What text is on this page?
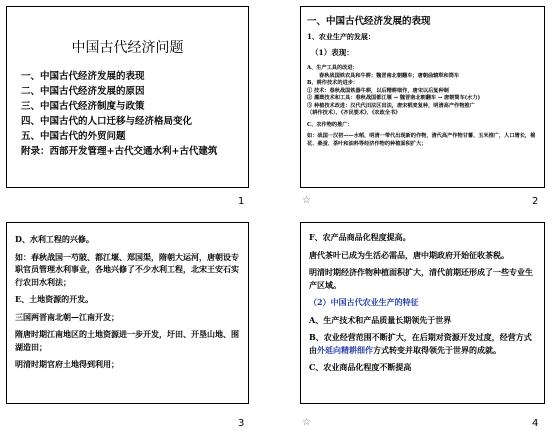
中国古代经济问题
一、中国古代经济发展的表现
二、中国古代经济发展的原因
三、中国古代经济制度与政策
四、中国古代的人口迁移与经济格局变化
五、中国古代的外贸问题
附录：西部开发管理+古代交通水利+古代建筑
1
一、中国古代经济发展的表现
1、农业生产的发展：
（1）表现：
A、生产工具的改进：
春秋战国铁农具和牛耕；魏晋南北朝翻车；唐朝曲辕犁和筒车
B、耕作技术的进步：
① 技术：春秋战国铁器牛耕，以后精耕细作，唐宋以后复种制
② 灌溉技术和工具：春秋战国都江堰 → 魏晋南北朝翻车 → 唐朝筒车(水力)
③ 种植技术改进：汉代代田法区田法，唐宋稻麦复种，明清高产作物推广
（耕作技术）、《齐民要术》、《农政全书》
C、农作物的推广：
如：战国一汉初——水稻，明清一带代出现新的作物，清代高产作物甘薯、玉米推广，人口增长，棉花、桑蚕、茶叶和油料等经济作物的种植面积扩大；
☆	2

D、水利工程的兴修。

如：春秋战国一芍陂、都江堰、郑国渠，隋朝大运河，唐朝设专职官员管理水利事业，各地兴修了不少水利工程，北宋王安石实行农田水利法；

E、土地资源的开发。

三国两晋南北朝—江南开发；

隋唐时期江南地区的土地资源进一步开发，圩田、开垦山地、围湖造田；

明清时期官府土地得到利用；

3

F、农产品商品化程度提高。

唐代茶叶已成为生活必需品，唐中期政府开始征收茶税。

明清时期经济作物种植面积扩大，清代前期还形成了一些专业生产区域。

（2）中国古代农业生产的特征

A、生产技术和产品质量长期领先于世界

B、农业经营范围不断扩大，在后期对资源开发过度，经营方式由外延向精耕细作方式转变并取得领先于世界的成就。

C、农业商品化程度不断提高

☆	4
